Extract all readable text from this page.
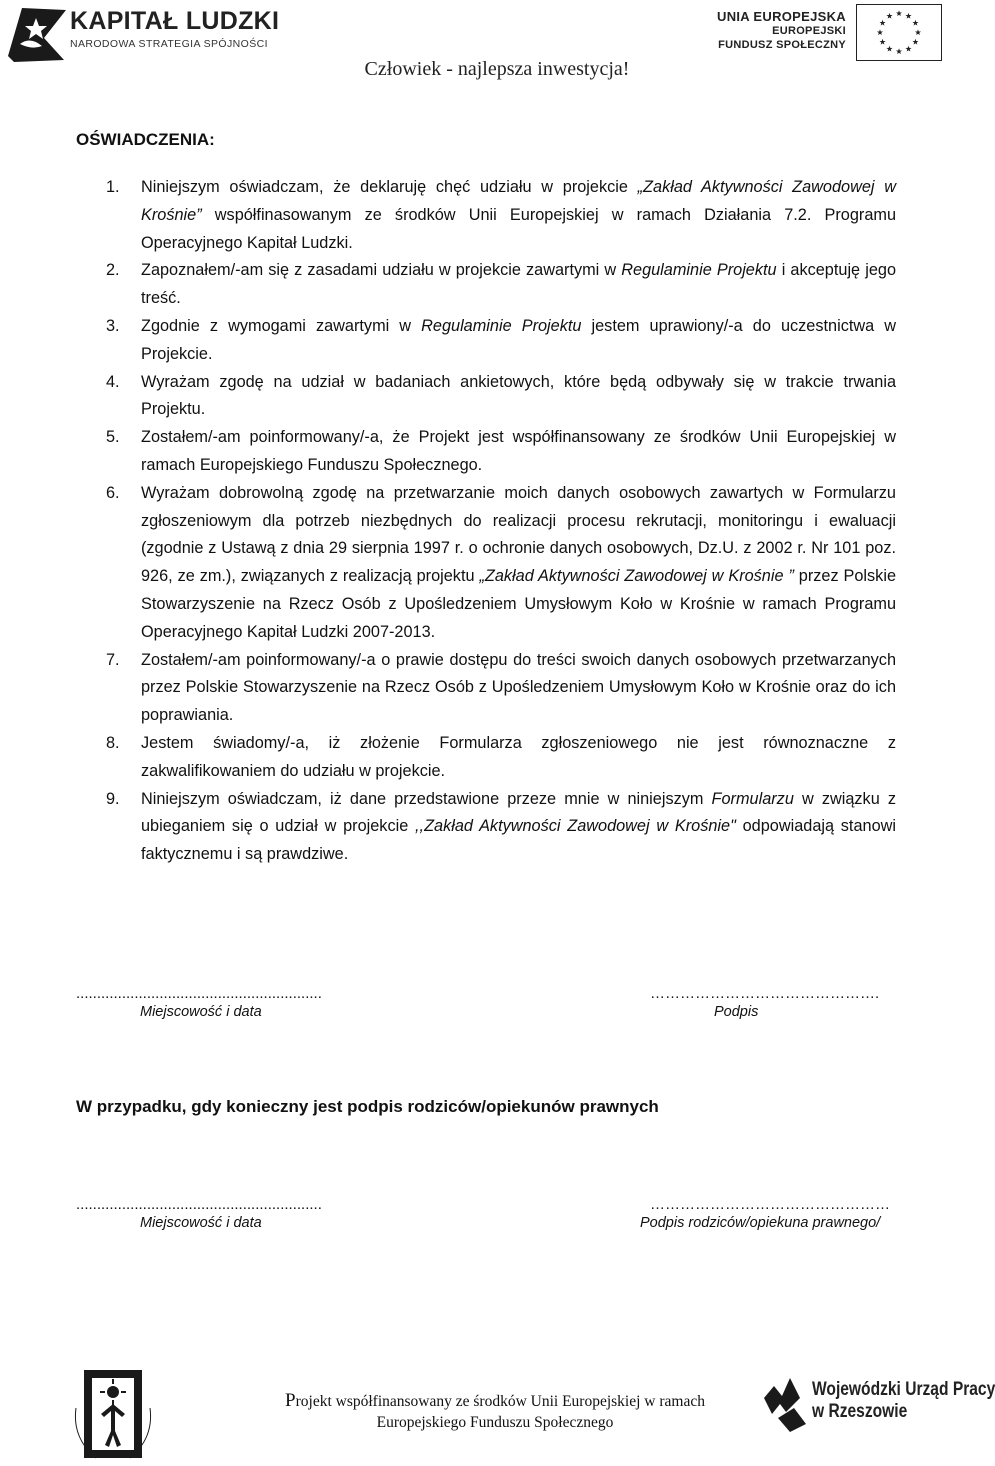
KAPITAŁ LUDZKI
NARODOWA STRATEGIA SPÓJNOŚCI
UNIA EUROPEJSKA
EUROPEJSKI
FUNDUSZ SPOŁECZNY
Człowiek - najlepsza inwestycja!
OŚWIADCZENIA:
1. Niniejszym oświadczam, że deklaruję chęć udziału w projekcie „Zakład Aktywności Zawodowej w Krośnie” współfinasowanym ze środków Unii Europejskiej w ramach Działania 7.2. Programu Operacyjnego Kapitał Ludzki.
2. Zapoznałem/-am się z zasadami udziału w projekcie zawartymi w Regulaminie Projektu i akceptuję jego treść.
3. Zgodnie z wymogami zawartymi w Regulaminie Projektu jestem uprawiony/-a do uczestnictwa w Projekcie.
4. Wyrażam zgodę na udział w badaniach ankietowych, które będą odbywały się w trakcie trwania Projektu.
5. Zostałem/-am poinformowany/-a, że Projekt jest współfinansowany ze środków Unii Europejskiej w ramach Europejskiego Funduszu Społecznego.
6. Wyrażam dobrowolną zgodę na przetwarzanie moich danych osobowych zawartych w Formularzu zgłoszeniowym dla potrzeb niezbędnych do realizacji procesu rekrutacji, monitoringu i ewaluacji (zgodnie z Ustawą z dnia 29 sierpnia 1997 r. o ochronie danych osobowych, Dz.U. z 2002 r. Nr 101 poz. 926, ze zm.), związanych z realizacją projektu „Zakład Aktywności Zawodowej w Krośnie ” przez Polskie Stowarzyszenie na Rzecz Osób z Upośledzeniem Umysłowym Koło w Krośnie w ramach Programu Operacyjnego Kapitał Ludzki 2007-2013.
7. Zostałem/-am poinformowany/-a o prawie dostępu do treści swoich danych osobowych przetwarzanych przez Polskie Stowarzyszenie na Rzecz Osób z Upośledzeniem Umysłowym Koło w Krośnie oraz do ich poprawiania.
8. Jestem świadomy/-a, iż złożenie Formularza zgłoszeniowego nie jest równoznaczne z zakwalifikowaniem do udziału w projekcie.
9. Niniejszym oświadczam, iż dane przedstawione przeze mnie w niniejszym Formularzu w związku z ubieganiem się o udział w projekcie ,,Zakład Aktywności Zawodowej w Krośnie" odpowiadają stanowi faktycznemu i są prawdziwe.
...........................................................	……………………………………….
Miejscowość i data	Podpis
W przypadku, gdy konieczny jest podpis rodziców/opiekunów prawnych
...........................................................	…………………………………………
Miejscowość i data	Podpis rodziców/opiekuna prawnego/
Projekt współfinansowany ze środków Unii Europejskiej w ramach
Europejskiego Funduszu Społecznego
Wojewódzki Urząd Pracy
w Rzeszowie
